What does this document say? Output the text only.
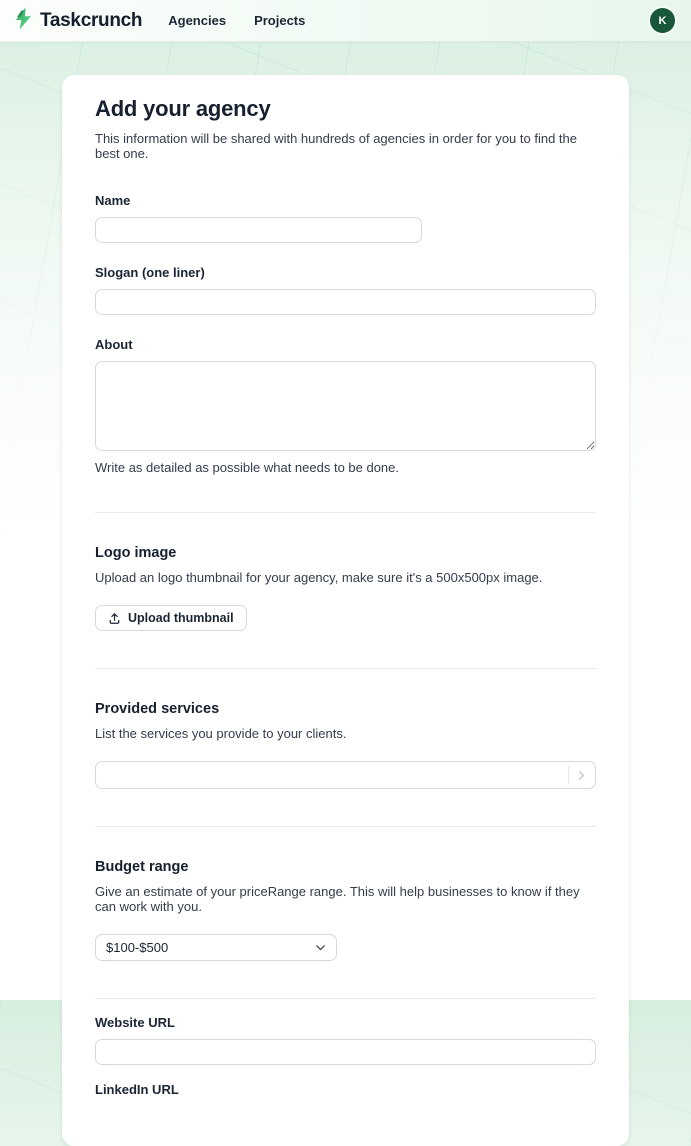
Taskcrunch Agencies Projects	K
Add your agency

This information will be shared with hundreds of agencies in order for you to find the best one.

Name
Slogan (one liner)
About

Write as detailed as possible what needs to be done.

Logo image

Upload an logo thumbnail for your agency, make sure it's a 500x500px image.

Upload thumbnail
Provided services

List the services you provide to your clients.

Budget range

Give an estimate of your priceRange range. This will help businesses to know if they can work with you.

$100-$500
Website URL
LinkedIn URL
